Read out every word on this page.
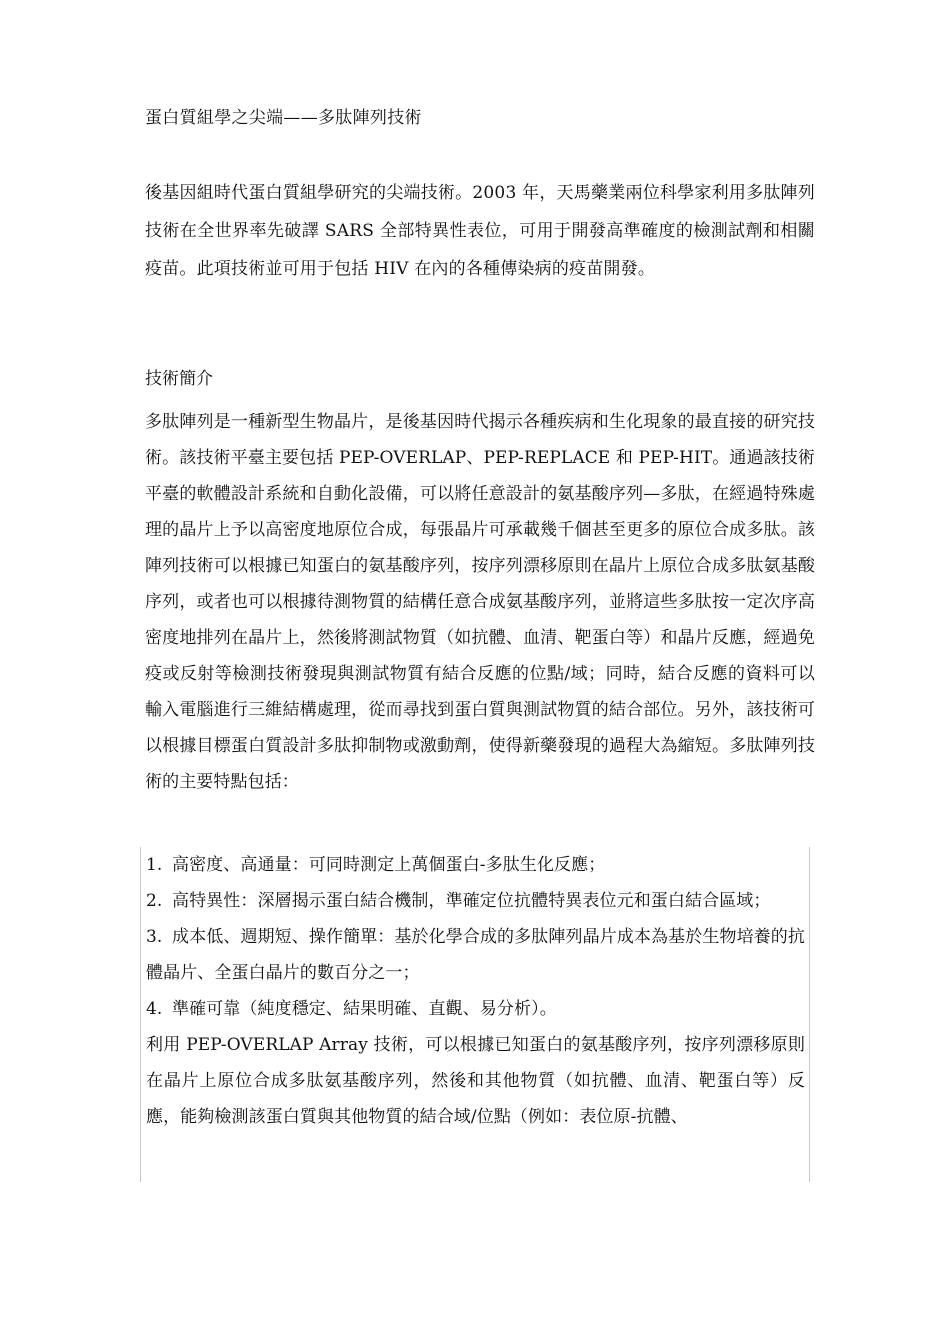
蛋白質組學之尖端——多肽陣列技術
後基因組時代蛋白質組學研究的尖端技術。2003 年，天馬藥業兩位科學家利用多肽陣列技術在全世界率先破譯 SARS 全部特異性表位，可用于開發高準確度的檢測試劑和相關疫苗。此項技術並可用于包括 HIV 在內的各種傳染病的疫苗開發。
技術簡介
多肽陣列是一種新型生物晶片，是後基因時代揭示各種疾病和生化現象的最直接的研究技術。該技術平臺主要包括 PEP-OVERLAP、PEP-REPLACE 和 PEP-HIT。通過該技術平臺的軟體設計系統和自動化設備，可以將任意設計的氨基酸序列—多肽，在經過特殊處理的晶片上予以高密度地原位合成，每張晶片可承載幾千個甚至更多的原位合成多肽。該陣列技術可以根據已知蛋白的氨基酸序列，按序列漂移原則在晶片上原位合成多肽氨基酸序列，或者也可以根據待測物質的結構任意合成氨基酸序列，並將這些多肽按一定次序高密度地排列在晶片上，然後將測試物質（如抗體、血清、靶蛋白等）和晶片反應，經過免疫或反射等檢測技術發現與測試物質有結合反應的位點/域；同時，結合反應的資料可以輸入電腦進行三維結構處理，從而尋找到蛋白質與測試物質的結合部位。另外，該技術可以根據目標蛋白質設計多肽抑制物或激動劑，使得新藥發現的過程大為縮短。多肽陣列技術的主要特點包括：
1. 高密度、高通量：可同時測定上萬個蛋白-多肽生化反應；
2. 高特異性：深層揭示蛋白結合機制，準確定位抗體特異表位元和蛋白結合區域；
3. 成本低、週期短、操作簡單：基於化學合成的多肽陣列晶片成本為基於生物培養的抗體晶片、全蛋白晶片的數百分之一；
4. 準確可靠（純度穩定、結果明確、直觀、易分析）。
利用 PEP-OVERLAP Array 技術，可以根據已知蛋白的氨基酸序列，按序列漂移原則在晶片上原位合成多肽氨基酸序列，然後和其他物質（如抗體、血清、靶蛋白等）反應，能夠檢測該蛋白質與其他物質的結合域/位點（例如：表位原-抗體、
